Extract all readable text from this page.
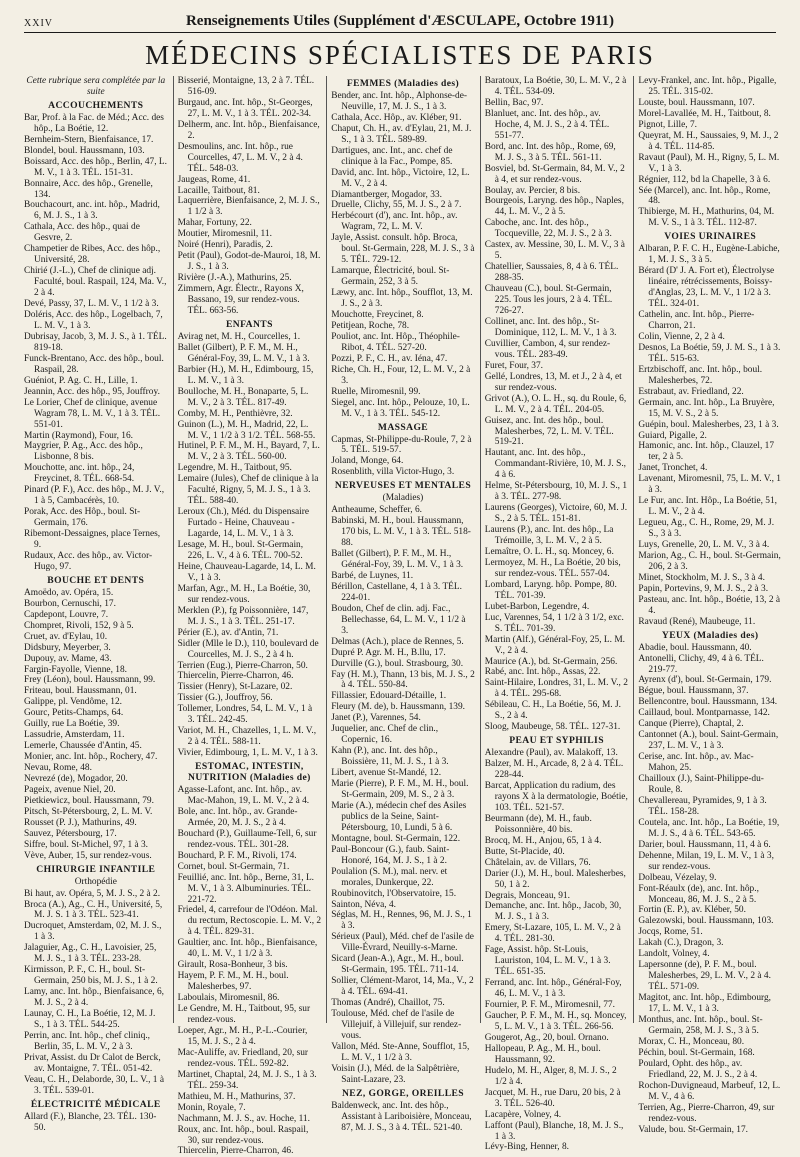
XXIV	Renseignements Utiles (Supplément d'ÆSCULAPE, Octobre 1911)
MÉDECINS SPÉCIALISTES DE PARIS

Cette rubrique sera complétée par la suite

ACCOUCHEMENTS

Bar, Prof. à la Fac. de Méd.; Acc. des hôp., La Boétie, 12.

Bernheim-Stern, Bienfaisance, 17.

Blondel, boul. Haussmann, 103.

Boissard, Acc. des hôp., Berlin, 47, L. M. V., 1 à 3. TÉL. 151-31.

Bonnaire, Acc. des hôp., Grenelle, 134.

Bouchacourt, anc. int. hôp., Madrid, 6, M. J. S., 1 à 3.

Cathala, Acc. des hôp., quai de Gesvre, 2.

Champetier de Ribes, Acc. des hôp., Université, 28.

Chirié (J.-L.), Chef de clinique adj. Faculté, boul. Raspail, 124, Ma. V., 2 à 4.

Devé, Passy, 37, L. M. V., 1 1/2 à 3.

Doléris, Acc. des hôp., Logelbach, 7, L. M. V., 1 à 3.

Dubrisay, Jacob, 3, M. J. S., à 1. TÉL. 819-18.

Funck-Brentano, Acc. des hôp., boul. Raspail, 28.

Guéniot, P. Ag. C. H., Lille, 1.

Jeannin, Acc. des hôp., 95, Jouffroy.

Le Lorier, Chef de clinique, avenue Wagram 78, L. M. V., 1 à 3. TÉL. 551-01.

Martin (Raymond), Four, 16.

Maygrier, P. Ag., Acc. des hôp., Lisbonne, 8 bis.

Mouchotte, anc. int. hôp., 24, Freycinet, 8. TÉL. 668-54.

Pinard (P. F.), Acc. des hôp., M. J. V., 1 à 5, Cambacérès, 10.

Porak, Acc. des Hôp., boul. St-Germain, 176.

Ribemont-Dessaignes, place Ternes, 9.

Rudaux, Acc. des hôp., av. Victor-Hugo, 97.

BOUCHE ET DENTS

Amoëdo, av. Opéra, 15.

Bourbon, Cernuschi, 17.

Capdepont, Louvre, 7.

Chompret, Rivoli, 152, 9 à 5.

Cruet, av. d'Eylau, 10.

Didsbury, Meyerber, 3.

Dupouy, av. Mame, 43.

Fargin-Fayolle, Vienne, 18.

Frey (Léon), boul. Haussmann, 99.

Friteau, boul. Haussmann, 01.

Galippe, pl. Vendôme, 12.

Gourc, Petits-Champs, 64.

Guilly, rue La Boétie, 39.

Lassudrie, Amsterdam, 11.

Lemerle, Chaussée d'Antin, 45.

Monier, anc. Int. hôp., Rochery, 47.

Nevau, Rome, 48.

Nevrezé (de), Mogador, 20.

Pageix, avenue Niel, 20.

Pietkiewicz, boul. Haussmann, 79.

Pitsch, St-Pétersbourg, 2, L. M. V.

Rousset (P. J.), Mathurins, 49.

Sauvez, Pétersbourg, 17.

Siffre, boul. St-Michel, 97, 1 à 3.

Vève, Auber, 15, sur rendez-vous.

CHIRURGIE INFANTILE

Orthopédie

Bi haut, av. Opéra, 5, M. J. S., 2 à 2.

Broca (A.), Ag., C. H., Université, 5, M. J. S. 1 à 3. TÉL. 523-41.

Ducroquet, Amsterdam, 02, M. J. S., 1 à 3.

Jalaguier, Ag., C. H., Lavoisier, 25, M. J. S., 1 à 3. TÉL. 233-28.

Kirmisson, P. F., C. H., boul. St-Germain, 250 bis, M. J. S., 1 à 2.

Lamy, anc. Int. hôp., Bienfaisance, 6, M. J. S., 2 à 4.

Launay, C. H., La Boétie, 12, M. J. S., 1 à 3. TÉL. 544-25.

Perrin, anc. Int. hôp., chef cliniq., Berlin, 35, L. M. V., 2 à 3.

Privat, Assist. du Dr Calot de Berck, av. Montaigne, 7. TÉL. 051-42.

Veau, C. H., Delaborde, 30, L. V., 1 à 3. TÉL. 539-01.

ÉLECTRICITÉ MÉDICALE

Allard (F.), Blanche, 23. TÉL. 130-50.

Bisserié, Montaigne, 13, 2 à 7. TÉL. 516-09.

Burgaud, anc. Int. hôp., St-Georges, 27, L. M. V., 1 à 3. TÉL. 202-34.

Delherm, anc. Int. hôp., Bienfaisance, 2.

Desmoulins, anc. Int. hôp., rue Courcelles, 47, L. M. V., 2 à 4. TÉL. 548-03.

Jaugeas, Rome, 41.

Lacaille, Taitbout, 81.

Laquerrière, Bienfaisance, 2, M. J. S., 1 1/2 à 3.

Mahar, Fortuny, 22.

Moutier, Miromesnil, 11.

Noiré (Henri), Paradis, 2.

Petit (Paul), Godot-de-Mauroi, 18, M. J. S., 1 à 3.

Rivière (J.-A.), Mathurins, 25.

Zimmern, Agr. Électr., Rayons X, Bassano, 19, sur rendez-vous. TÉL. 663-56.

ENFANTS

Avirag net, M. H., Courcelles, 1.

Ballet (Gilbert), P. F. M., M. H., Général-Foy, 39, L. M. V., 1 à 3.

Barbier (H.), M. H., Edimbourg, 15, L. M. V., 1 à 3.

Boulloche, M. H., Bonaparte, 5, L. M. V., 2 à 3. TÉL. 817-49.

Comby, M. H., Penthièvre, 32.

Guinon (L.), M. H., Madrid, 22, L. M. V., 1 1/2 à 3 1/2. TÉL. 568-55.

Hutinel, P. F. M., M. H., Bayard, 7, L. M. V., 2 à 3. TÉL. 560-00.

Legendre, M. H., Taitbout, 95.

Lemaire (Jules), Chef de clinique à la Faculté, Rigny, 5, M. J. S., 1 à 3. TÉL. 588-40.

Leroux (Ch.), Méd. du Dispensaire Furtado - Heine, Chauveau - Lagarde, 14, L. M. V., 1 à 3.

Lesage, M. H., boul. St-Germain, 226, L. V., 4 à 6. TÉL. 700-52.

Heine, Chauveau-Lagarde, 14, L. M. V., 1 à 3.

Marfan, Agr., M. H., La Boétie, 30, sur rendez-vous.

Merklen (P.), fg Poissonnière, 147, M. J. S., 1 à 3. TÉL. 251-17.

Périer (E.), av. d'Antin, 71.

Sidler (Mlle le D.), 110, boulevard de Courcelles, M. J. S., 2 à 4 h.

Terrien (Eug.), Pierre-Charron, 50.

Thiercelin, Pierre-Charron, 46.

Tissier (Henry), St-Lazare, 02.

Tissier (G.), Jouffroy, 56.

Tollemer, Londres, 54, L. M. V., 1 à 3. TÉL. 242-45.

Variot, M. H., Chazelles, 1, L. M. V., 2 à 4. TÉL. 588-11.

Vivier, Edimbourg, 1, L. M. V., 1 à 3.

ESTOMAC, INTESTIN, NUTRITION (Maladies de)

Agasse-Lafont, anc. Int. hôp., av. Mac-Mahon, 19, L. M. V., 2 à 4.

Bole, anc. Int. hôp., av. Grande-Armée, 20, M. J. S., 2 à 4.

Bouchard (P.), Guillaume-Tell, 6, sur rendez-vous. TÉL. 301-28.

Bouchard, P. F. M., Rivoli, 174.

Cornet, boul. St-Germain, 71.

Feuillié, anc. Int. hôp., Berne, 31, L. M. V., 1 à 3. Albuminuries. TÉL. 221-72.

Friedel, 4, carrefour de l'Odéon. Mal. du rectum, Rectoscopie. L. M. V., 2 à 4. TÉL. 829-31.

Gaultier, anc. Int. hôp., Bienfaisance, 40, L. M. V., 1 1/2 à 3.

Girault, Rosa-Bonheur, 3 bis.

Hayem, P. F. M., M. H., boul. Malesherbes, 97.

Laboulais, Miromesnil, 86.

Le Gendre, M. H., Taitbout, 95, sur rendez-vous.

Loeper, Agr., M. H., P.-L.-Courier, 15, M. J. S., 2 à 4.

Mac-Auliffe, av. Friedland, 20, sur rendez-vous. TÉL. 592-82.

Martinet, Chaptal, 24, M. J. S., 1 à 3. TÉL. 259-34.

Mathieu, M. H., Mathurins, 37.

Monin, Royale, 7.

Nachmann, M. J. S., av. Hoche, 11.

Roux, anc. Int. hôp., boul. Raspail, 30, sur rendez-vous.

Thiercelin, Pierre-Charron, 46.

FEMMES (Maladies des)

Bender, anc. Int. hôp., Alphonse-de-Neuville, 17, M. J. S., 1 à 3.

Cathala, Acc. Hôp., av. Kléber, 91.

Chaput, Ch. H., av. d'Eylau, 21, M. J. S., 1 à 3. TÉL. 589-89.

Dartigues, anc. Int., anc. chef de clinique à la Fac., Pompe, 85.

David, anc. Int. hôp., Victoire, 12, L. M. V., 2 à 4.

Diamantberger, Mogador, 33.

Druelle, Clichy, 55, M. J. S., 2 à 7.

Herbécourt (d'), anc. Int. hôp., av. Wagram, 72, L. M. V.

Jayle, Assist. consult. hôp. Broca, boul. St-Germain, 228, M. J. S., 3 à 5. TÉL. 729-12.

Lamarque, Électricité, boul. St-Germain, 252, 3 à 5.

Læwy, anc. Int. hôp., Soufflot, 13, M. J. S., 2 à 3.

Mouchotte, Freycinet, 8.

Petitjean, Roche, 78.

Pouliot, anc. Int. Hôp., Théophile-Ribot, 4. TÉL. 527-20.

Pozzi, P. F., C. H., av. Iéna, 47.

Riche, Ch. H., Four, 12, L. M. V., 2 à 3.

Ruelle, Miromesnil, 99.

Siegel, anc. Int. hôp., Pelouze, 10, L. M. V., 1 à 3. TÉL. 545-12.

MASSAGE

Capmas, St-Philippe-du-Roule, 7, 2 à 5. TÉL. 519-57.

Joland, Monge, 64.

Rosenblith, villa Victor-Hugo, 3.

NERVEUSES ET MENTALES

(Maladies)

Antheaume, Scheffer, 6.

Babinski, M. H., boul. Haussmann, 170 bis, L. M. V., 1 à 3. TÉL. 518-88.

Ballet (Gilbert), P. F. M., M. H., Général-Foy, 39, L. M. V., 1 à 3.

Barbé, de Luynes, 11.

Bérillon, Castellane, 4, 1 à 3. TÉL. 224-01.

Boudon, Chef de clin. adj. Fac., Bellechasse, 64, L. M. V., 1 1/2 à 3.

Delmas (Ach.), place de Rennes, 5.

Dupré P. Agr. M. H., B.llu, 17.

Durville (G.), boul. Strasbourg, 30.

Fay (H. M.), Thann, 13 bis, M. J. S., 2 à 4. TÉL. 550-84.

Fillassier, Edouard-Détaille, 1.

Fleury (M. de), b. Haussmann, 139.

Janet (P.), Varennes, 54.

Juquelier, anc. Chef de clin., Copernic, 16.

Kahn (P.), anc. Int. des hôp., Boissière, 11, M. J. S., 1 à 3.

Libert, avenue St-Mandé, 12.

Marie (Pierre), P. F. M., M. H., boul. St-Germain, 209, M. S., 2 à 3.

Marie (A.), médecin chef des Asiles publics de la Seine, Saint-Pétersbourg, 10, Lundi, 5 à 6.

Montagne, boul. St-Germain, 122.

Paul-Boncour (G.), faub. Saint-Honoré, 164, M. J. S., 1 à 2.

Poulalion (S. M.), mal. nerv. et morales, Dunkerque, 22.

Roubinovitch, l'Observatoire, 15.

Sainton, Néva, 4.

Séglas, M. H., Rennes, 96, M. J. S., 1 à 3.

Sérieux (Paul), Méd. chef de l'asile de Ville-Évrard, Neuilly-s-Marne.

Sicard (Jean-A.), Agr., M. H., boul. St-Germain, 195. TÉL. 711-14.

Sollier, Clément-Marot, 14, Ma., V., 2 à 4. TÉL. 694-41.

Thomas (André), Chaillot, 75.

Toulouse, Méd. chef de l'asile de Villejuif, à Villejuif, sur rendez-vous.

Vallon, Méd. Ste-Anne, Soufflot, 15, L. M. V., 1 1/2 à 3.

Voisin (J.), Méd. de la Salpêtrière, Saint-Lazare, 23.

NEZ, GORGE, OREILLES

Baldenweck, anc. Int. des hôp., Assistant à Lariboisière, Monceau, 87, M. J. S., 3 à 4. TÉL. 521-40.

Baratoux, La Boétie, 30, L. M. V., 2 à 4. TÉL. 534-09.

Bellin, Bac, 97.

Blanluet, anc. Int. des hôp., av. Hoche, 4, M. J. S., 2 à 4. TÉL. 551-77.

Bord, anc. Int. des hôp., Rome, 69, M. J. S., 3 à 5. TÉL. 561-11.

Bosviel, bd. St-Germain, 84, M. V., 2 à 4, et sur rendez-vous.

Boulay, av. Percier, 8 bis.

Bourgeois, Laryng. des hôp., Naples, 44, L. M. V., 2 à 5.

Caboche, anc. Int. des hôp., Tocqueville, 22, M. J. S., 2 à 3.

Castex, av. Messine, 30, L. M. V., 3 à 5.

Chatellier, Saussaies, 8, 4 à 6. TÉL. 288-35.

Chauveau (C.), boul. St-Germain, 225. Tous les jours, 2 à 4. TÉL. 726-27.

Collinet, anc. Int. des hôp., St-Dominique, 112, L. M. V., 1 à 3.

Cuvillier, Cambon, 4, sur rendez-vous. TÉL. 283-49.

Furet, Four, 37.

Gellé, Londres, 13, M. et J., 2 à 4, et sur rendez-vous.

Grivot (A.), O. L. H., sq. du Roule, 6, L. M. V., 2 à 4. TÉL. 204-05.

Guisez, anc. Int. des hôp., boul. Malesherbes, 72, L. M. V. TÉL. 519-21.

Hautant, anc. Int. des hôp., Commandant-Rivière, 10, M. J. S., 4 à 6.

Helme, St-Pétersbourg, 10, M. J. S., 1 à 3. TÉL. 277-98.

Laurens (Georges), Victoire, 60, M. J. S., 2 à 5. TÉL. 151-81.

Laurens (P.), anc. Int. des hôp., La Trémoille, 3, L. M. V., 2 à 5.

Lemaître, O. L. H., sq. Moncey, 6.

Lermoyez, M. H., La Boétie, 20 bis, sur rendez-vous. TÉL. 557-04.

Lombard, Laryng. hôp. Pompe, 80. TÉL. 701-39.

Lubet-Barbon, Legendre, 4.

Luc, Varennes, 54, 1 1/2 à 3 1/2, exc. S. TÉL. 701-39.

Martin (Alf.), Général-Foy, 25, L. M. V., 2 à 4.

Maurice (A.), bd. St-Germain, 256.

Rabé, anc. Int. hôp., Assas, 22.

Saint-Hilaire, Londres, 31, L. M. V., 2 à 4. TÉL. 295-68.

Sébileau, C. H., La Boétie, 56, M. J. S., 2 à 4.

Sloog, Maubeuge, 58. TÉL. 127-31.

PEAU ET SYPHILIS

Alexandre (Paul), av. Malakoff, 13.

Balzer, M. H., Arcade, 8, 2 à 4. TÉL. 228-44.

Barcat, Application du radium, des rayons X à la dermatologie, Boétie, 103. TÉL. 521-57.

Beurmann (de), M. H., faub. Poissonnière, 40 bis.

Brocq, M. H., Anjou, 65, 1 à 4.

Butte, St-Placide, 40.

Châtelain, av. de Villars, 76.

Darier (J.), M. H., boul. Malesherbes, 50, 1 à 2.

Degrais, Monceau, 91.

Demanche, anc. Int. hôp., Jacob, 30, M. J. S., 1 à 3.

Emery, St-Lazare, 105, L. M. V., 2 à 4. TÉL. 281-30.

Fage, Assist. hôp. St-Louis, Lauriston, 104, L. M. V., 1 à 3. TÉL. 651-35.

Ferrand, anc. Int. hôp., Général-Foy, 46, L. M. V., 1 à 3.

Fournier, P. F. M., Miromesnil, 77.

Gaucher, P. F. M., M. H., sq. Moncey, 5, L. M. V., 1 à 3. TÉL. 266-56.

Gougerot, Ag., 20, boul. Ornano.

Hallopeau, P. Ag., M. H., boul. Haussmann, 92.

Hudelo, M. H., Alger, 8, M. J. S., 2 1/2 à 4.

Jacquet, M. H., rue Daru, 20 bis, 2 à 3. TÉL. 526-40.

Lacapère, Volney, 4.

Laffont (Paul), Blanche, 18, M. J. S., 1 à 3.

Lévy-Bing, Henner, 8.

Levy-Frankel, anc. Int. hôp., Pigalle, 25. TÉL. 315-02.

Louste, boul. Haussmann, 107.

Morel-Lavallée, M. H., Taitbout, 8.

Pignot, Lille, 7.

Queyrat, M. H., Saussaies, 9, M. J., 2 à 4. TÉL. 114-85.

Ravaut (Paul), M. H., Rigny, 5, L. M. V., 1 à 3.

Régnier, 112, bd la Chapelle, 3 à 6.

Sée (Marcel), anc. Int. hôp., Rome, 48.

Thibierge, M. H., Mathurins, 04, M. M. V. S., 1 à 3. TÉL. 112-87.

VOIES URINAIRES

Albaran, P. F. C. H., Eugène-Labiche, 1, M. J. S., 3 à 5.

Bérard (D' J. A. Fort et), Électrolyse linéaire, rétrécissements, Boissy-d'Anglas, 23, L. M. V., 1 1/2 à 3. TÉL. 324-01.

Cathelin, anc. Int. hôp., Pierre-Charron, 21.

Colin, Vienne, 2, 2 à 4.

Desnos, La Boétie, 59, J. M. S., 1 à 3. TÉL. 515-63.

Ertzbischoff, anc. Int. hôp., boul. Malesherbes, 72.

Estrabaut, av. Friedland, 22.

Germain, anc. Int. hôp., La Bruyère, 15, M. V. S., 2 à 5.

Guépin, boul. Malesherbes, 23, 1 à 3.

Guiard, Pigalle, 2.

Hamonic, anc. Int. hôp., Clauzel, 17 ter, 2 à 5.

Janet, Tronchet, 4.

Lavenant, Miromesnil, 75, L. M. V., 1 à 3.

Le Fur, anc. Int. Hôp., La Boétie, 51, L. M. V., 2 à 4.

Legueu, Ag., C. H., Rome, 29, M. J. S., 3 à 3.

Luys, Grenelle, 20, L. M. V., 3 à 4.

Marion, Ag., C. H., boul. St-Germain, 206, 2 à 3.

Minet, Stockholm, M. J. S., 3 à 4.

Papin, Portevins, 9, M. J. S., 2 à 3.

Pasteau, anc. Int. hôp., Boétie, 13, 2 à 4.

Ravaud (René), Maubeuge, 11.

YEUX (Maladies des)

Abadie, boul. Haussmann, 40.

Antonelli, Clichy, 49, 4 à 6. TÉL. 219-77.

Ayrenx (d'), boul. St-Germain, 179.

Bégue, boul. Haussmann, 37.

Bellencontre, boul. Haussmann, 134.

Caillaud, boul. Montparnasse, 142.

Canque (Pierre), Chaptal, 2.

Cantonnet (A.), boul. Saint-Germain, 237, L. M. V., 1 à 3.

Cerise, anc. Int. hôp., av. Mac-Mahon, 25.

Chailloux (J.), Saint-Philippe-du-Roule, 8.

Chevallereau, Pyramides, 9, 1 à 3. TÉL. 158-28.

Coutela, anc. Int. hôp., La Boétie, 19, M. J. S., 4 à 6. TÉL. 543-65.

Darier, boul. Haussmann, 11, 4 à 6.

Dehenne, Milan, 19, L. M. V., 1 à 3, sur rendez-vous.

Dolbeau, Vézelay, 9.

Font-Réaulx (de), anc. Int. hôp., Monceau, 86, M. J. S., 2 à 5.

Fortin (E. P.), av. Kléber, 50.

Galezowski, boul. Haussmann, 103.

Jocqs, Rome, 51.

Lakah (C.), Dragon, 3.

Landolt, Volney, 4.

Lapersonne (de), P. F. M., boul. Malesherbes, 29, L. M. V., 2 à 4. TÉL. 571-09.

Magitot, anc. Int. hôp., Edimbourg, 17, L. M. V., 1 à 3.

Monthus, anc. Int. hôp., boul. St-Germain, 258, M. J. S., 3 à 5.

Morax, C. H., Monceau, 80.

Péchin, boul. St-Germain, 168.

Poulard, Opht. des hôp., av. Friedland, 22, M. J. S., 2 à 4.

Rochon-Duvigneaud, Marbeuf, 12, L. M. V., 4 à 6.

Terrien, Ag., Pierre-Charron, 49, sur rendez-vous.

Valude, bou. St-Germain, 17.
